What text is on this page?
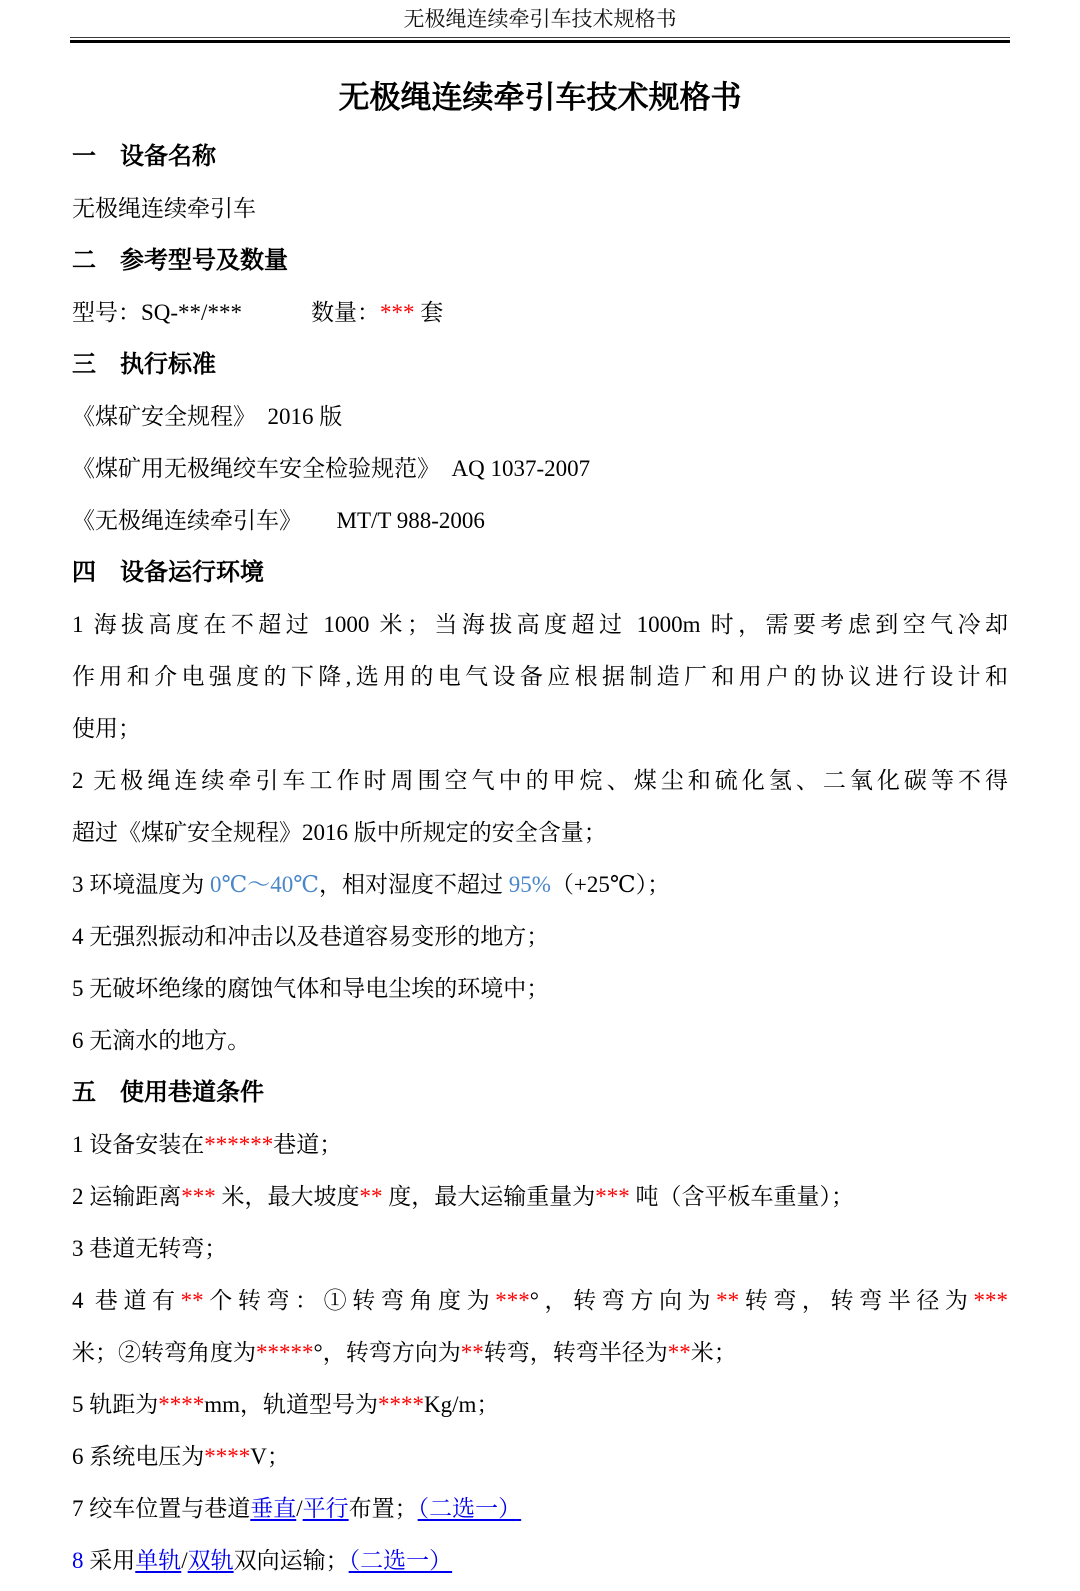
无极绳连续牵引车技术规格书
无极绳连续牵引车技术规格书
一　设备名称
无极绳连续牵引车
二　参考型号及数量
型号：SQ-**/***　　　数量：*** 套
三　执行标准
《煤矿安全规程》　2016 版
《煤矿用无极绳绞车安全检验规范》　AQ 1037-2007
《无极绳连续牵引车》　　MT/T 988-2006
四　设备运行环境
1 海拔高度在不超过 1000 米；当海拔高度超过 1000m 时，需要考虑到空气冷却
作用和介电强度的下降,选用的电气设备应根据制造厂和用户的协议进行设计和
使用；
2 无极绳连续牵引车工作时周围空气中的甲烷、煤尘和硫化氢、二氧化碳等不得
超过《煤矿安全规程》2016 版中所规定的安全含量；
3 环境温度为 0℃～40℃，相对湿度不超过 95%（+25℃）；
4 无强烈振动和冲击以及巷道容易变形的地方；
5 无破坏绝缘的腐蚀气体和导电尘埃的环境中；
6 无滴水的地方。
五　使用巷道条件
1 设备安装在******巷道；
2 运输距离*** 米，最大坡度** 度，最大运输重量为*** 吨（含平板车重量）；
3 巷道无转弯；
4 巷道有**个转弯：①转弯角度为***°，转弯方向为**转弯，转弯半径为***
米；②转弯角度为*****°，转弯方向为**转弯，转弯半径为**米；
5 轨距为****mm，轨道型号为****Kg/m；
6 系统电压为****V；
7 绞车位置与巷道垂直/平行布置；（二选一）
8 采用单轨/双轨双向运输；（二选一）
